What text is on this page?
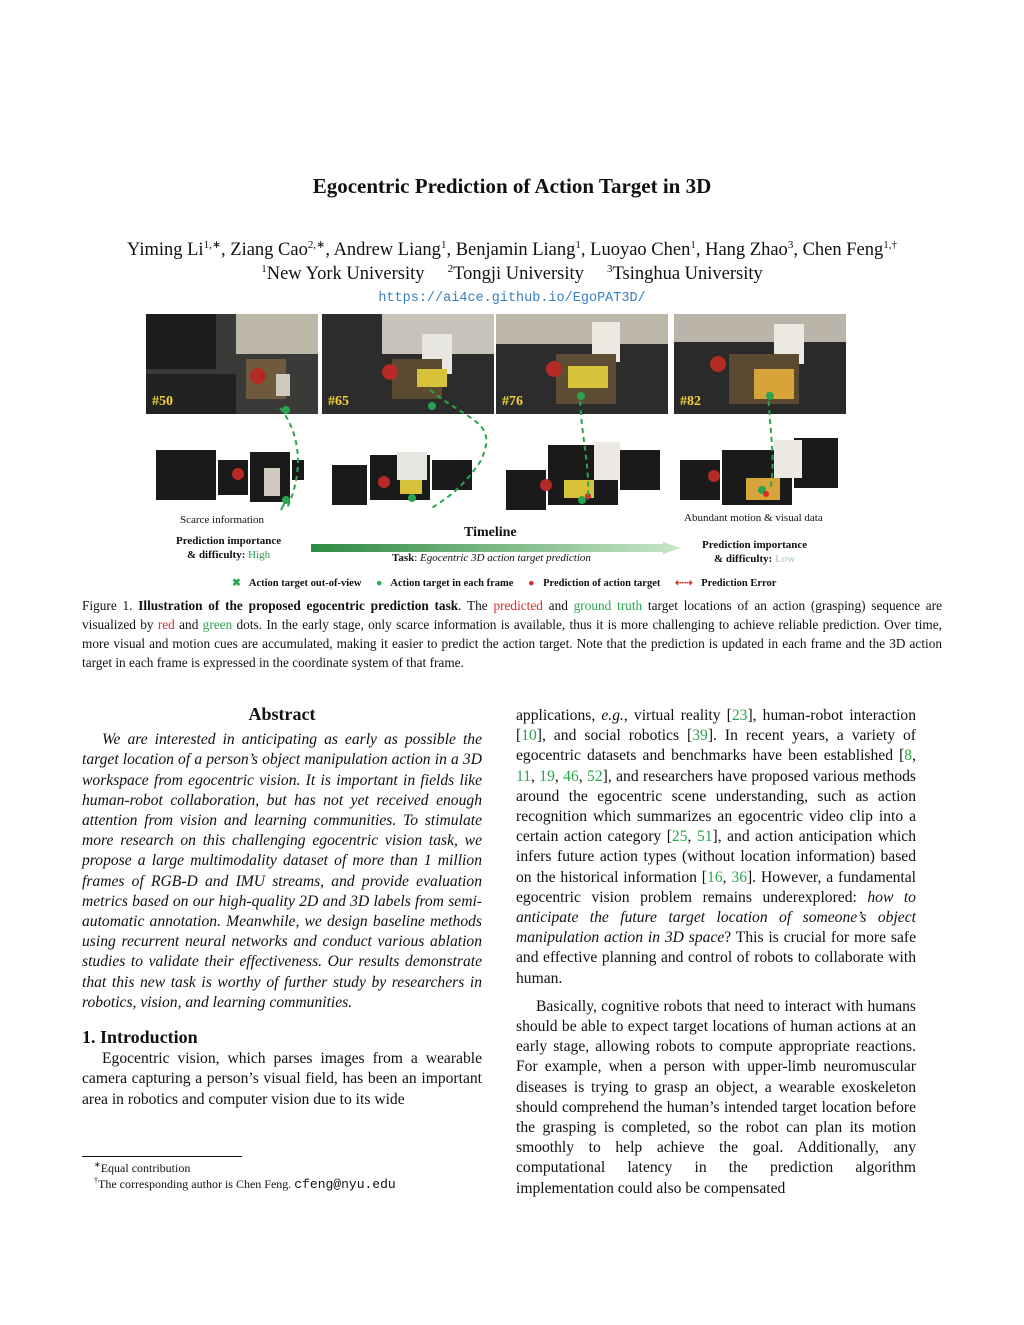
Egocentric Prediction of Action Target in 3D
Yiming $Li^{1,∗}$, Ziang Cao$^{2,∗}$, Andrew Liang$^1$, Benjamin Liang$^1$, Luoyao Chen$^1$, Hang Zhao$^3$, Chen Feng$^{1,\dagger}$
$^1$New York University $^2$Tongji University $^3$Tsinghua University
https://ai4ce.github.io/EgoPAT3D/
#50	#65	#76	#82
Scarce information	Abundant motion & visual data
Timeline
Task: Egocentric 3D action target prediction
Prediction importance
& difficulty: High
Prediction importance
& difficulty: Low
✖ Action target out-of-view ● Action target in each frame ● Prediction of action target ⇠⇢ Prediction Error
Figure 1. Illustration of the proposed egocentric prediction task. The predicted and ground truth target locations of an action (grasping) sequence are visualized by red and green dots. In the early stage, only scarce information is available, thus it is more challenging to achieve reliable prediction. Over time, more visual and motion cues are accumulated, making it easier to predict the action target. Note that the prediction is updated in each frame and the 3D action target in each frame is expressed in the coordinate system of that frame.
Abstract

We are interested in anticipating as early as possible the target location of a person’s object manipulation action in a 3D workspace from egocentric vision. It is important in fields like human-robot collaboration, but has not yet received enough attention from vision and learning communities. To stimulate more research on this challenging egocentric vision task, we propose a large multimodality dataset of more than 1 million frames of RGB-D and IMU streams, and provide evaluation metrics based on our high-quality 2D and 3D labels from semi-automatic annotation. Meanwhile, we design baseline methods using recurrent neural networks and conduct various ablation studies to validate their effectiveness. Our results demonstrate that this new task is worthy of further study by researchers in robotics, vision, and learning communities.

1. Introduction

Egocentric vision, which parses images from a wearable camera capturing a person’s visual field, has been an important area in robotics and computer vision due to its wide

∗Equal contribution
†The corresponding author is Chen Feng. cfeng@nyu.edu

applications, e.g., virtual reality [23], human-robot interaction [10], and social robotics [39]. In recent years, a variety of egocentric datasets and benchmarks have been established [8, 11, 19, 46, 52], and researchers have proposed various methods around the egocentric scene understanding, such as action recognition which summarizes an egocentric video clip into a certain action category [25, 51], and action anticipation which infers future action types (without location information) based on the historical information [16, 36]. However, a fundamental egocentric vision problem remains underexplored: how to anticipate the future target location of someone’s object manipulation action in 3D space? This is crucial for more safe and effective planning and control of robots to collaborate with human.

Basically, cognitive robots that need to interact with humans should be able to expect target locations of human actions at an early stage, allowing robots to compute appropriate reactions. For example, when a person with upper-limb neuromuscular diseases is trying to grasp an object, a wearable exoskeleton should comprehend the human’s intended target location before the grasping is completed, so the robot can plan its motion smoothly to help achieve the goal. Additionally, any computational latency in the prediction algorithm implementation could also be compensated
